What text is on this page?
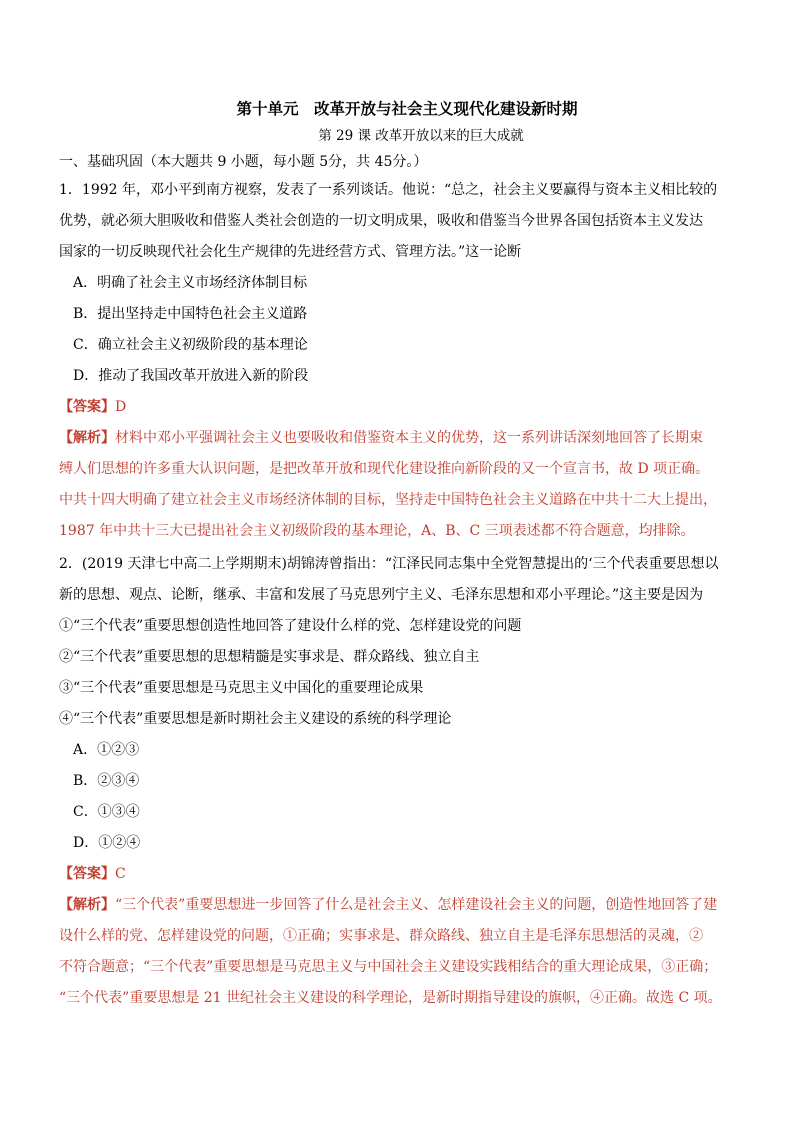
第十单元　改革开放与社会主义现代化建设新时期
第 29 课 改革开放以来的巨大成就
一、基础巩固（本大题共 9 小题，每小题 5分，共 45分。）
1．1992 年，邓小平到南方视察，发表了一系列谈话。他说：“总之，社会主义要赢得与资本主义相比较的
优势，就必须大胆吸收和借鉴人类社会创造的一切文明成果，吸收和借鉴当今世界各国包括资本主义发达
国家的一切反映现代社会化生产规律的先进经营方式、管理方法。”这一论断
A．明确了社会主义市场经济体制目标
B．提出坚持走中国特色社会主义道路
C．确立社会主义初级阶段的基本理论
D．推动了我国改革开放进入新的阶段
【答案】D
【解析】材料中邓小平强调社会主义也要吸收和借鉴资本主义的优势，这一系列讲话深刻地回答了长期束
缚人们思想的许多重大认识问题，是把改革开放和现代化建设推向新阶段的又一个宣言书，故 D 项正确。
中共十四大明确了建立社会主义市场经济体制的目标，坚持走中国特色社会主义道路在中共十二大上提出，
1987 年中共十三大已提出社会主义初级阶段的基本理论，A、B、C 三项表述都不符合题意，均排除。
2．(2019 天津七中高二上学期期末)胡锦涛曾指出：“江泽民同志集中全党智慧提出的‘三个代表重要思想以
新的思想、观点、论断，继承、丰富和发展了马克思列宁主义、毛泽东思想和邓小平理论。”这主要是因为
①“三个代表”重要思想创造性地回答了建设什么样的党、怎样建设党的问题
②“三个代表”重要思想的思想精髓是实事求是、群众路线、独立自主
③“三个代表”重要思想是马克思主义中国化的重要理论成果
④“三个代表”重要思想是新时期社会主义建设的系统的科学理论
A．①②③
B．②③④
C．①③④
D．①②④
【答案】C
【解析】“三个代表”重要思想进一步回答了什么是社会主义、怎样建设社会主义的问题，创造性地回答了建
设什么样的党、怎样建设党的问题，①正确；实事求是、群众路线、独立自主是毛泽东思想活的灵魂，②
不符合题意；“三个代表”重要思想是马克思主义与中国社会主义建设实践相结合的重大理论成果，③正确；
“三个代表”重要思想是 21 世纪社会主义建设的科学理论，是新时期指导建设的旗帜，④正确。故选 C 项。
